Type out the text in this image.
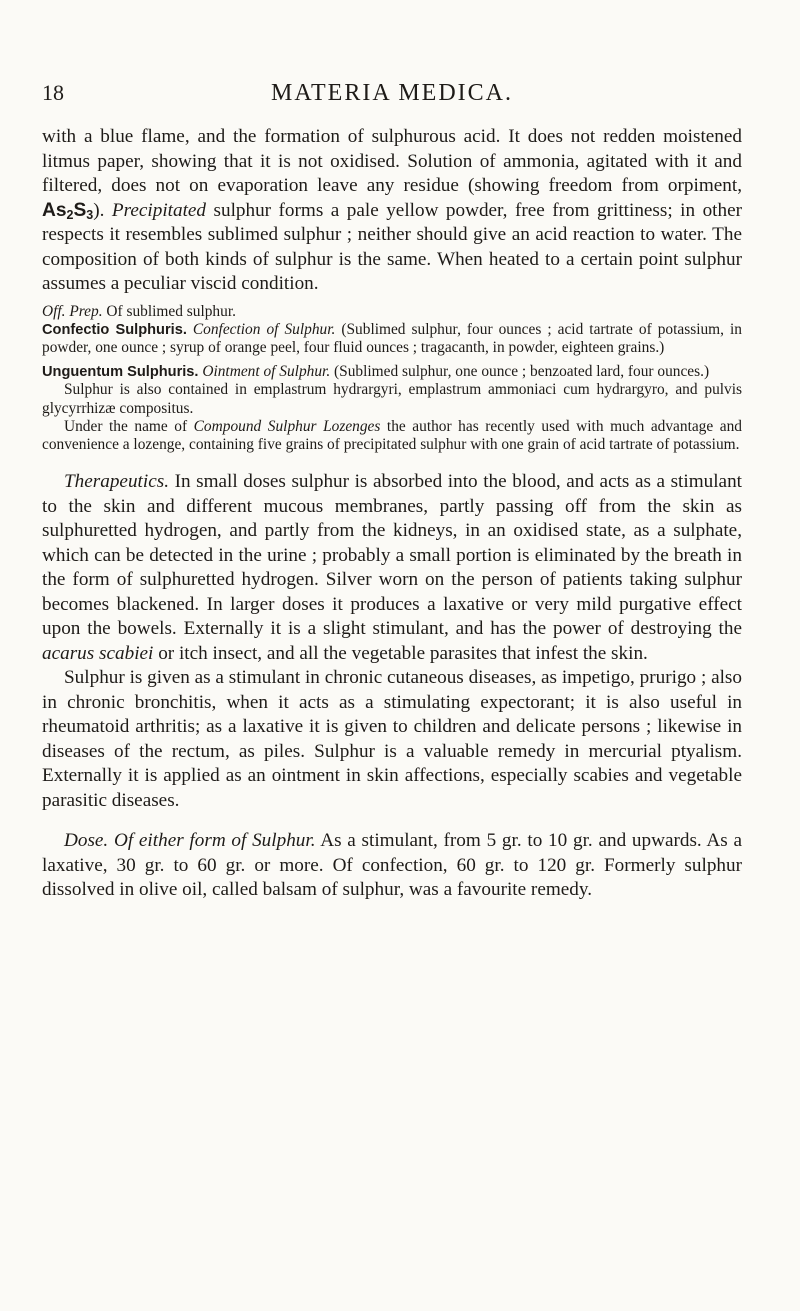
18	MATERIA MEDICA.

with a blue flame, and the formation of sulphurous acid. It does not redden moistened litmus paper, showing that it is not oxidised. Solution of ammonia, agitated with it and filtered, does not on evaporation leave any residue (showing freedom from orpiment, $As_2S_3$). Precipitated sulphur forms a pale yellow powder, free from grittiness; in other respects it resembles sublimed sulphur ; neither should give an acid reaction to water. The composition of both kinds of sulphur is the same. When heated to a certain point sulphur assumes a peculiar viscid condition.

Off. Prep. Of sublimed sulphur.

Confectio Sulphuris. Confection of Sulphur. (Sublimed sulphur, four ounces ; acid tartrate of potassium, in powder, one ounce ; syrup of orange peel, four fluid ounces ; tragacanth, in powder, eighteen grains.)

Unguentum Sulphuris. Ointment of Sulphur. (Sublimed sulphur, one ounce ; benzoated lard, four ounces.)

Sulphur is also contained in emplastrum hydrargyri, emplastrum ammoniaci cum hydrargyro, and pulvis glycyrrhizæ compositus.

Under the name of Compound Sulphur Lozenges the author has recently used with much advantage and convenience a lozenge, containing five grains of precipitated sulphur with one grain of acid tartrate of potassium.

Therapeutics. In small doses sulphur is absorbed into the blood, and acts as a stimulant to the skin and different mucous membranes, partly passing off from the skin as sulphuretted hydrogen, and partly from the kidneys, in an oxidised state, as a sulphate, which can be detected in the urine ; probably a small portion is eliminated by the breath in the form of sulphuretted hydrogen. Silver worn on the person of patients taking sulphur becomes blackened. In larger doses it produces a laxative or very mild purgative effect upon the bowels. Externally it is a slight stimulant, and has the power of destroying the acarus scabiei or itch insect, and all the vegetable parasites that infest the skin.

Sulphur is given as a stimulant in chronic cutaneous diseases, as impetigo, prurigo ; also in chronic bronchitis, when it acts as a stimulating expectorant; it is also useful in rheumatoid arthritis; as a laxative it is given to children and delicate persons ; likewise in diseases of the rectum, as piles. Sulphur is a valuable remedy in mercurial ptyalism. Externally it is applied as an ointment in skin affections, especially scabies and vegetable parasitic diseases.

Dose. Of either form of Sulphur. As a stimulant, from 5 gr. to 10 gr. and upwards. As a laxative, 30 gr. to 60 gr. or more. Of confection, 60 gr. to 120 gr. Formerly sulphur dissolved in olive oil, called balsam of sulphur, was a favourite remedy.
